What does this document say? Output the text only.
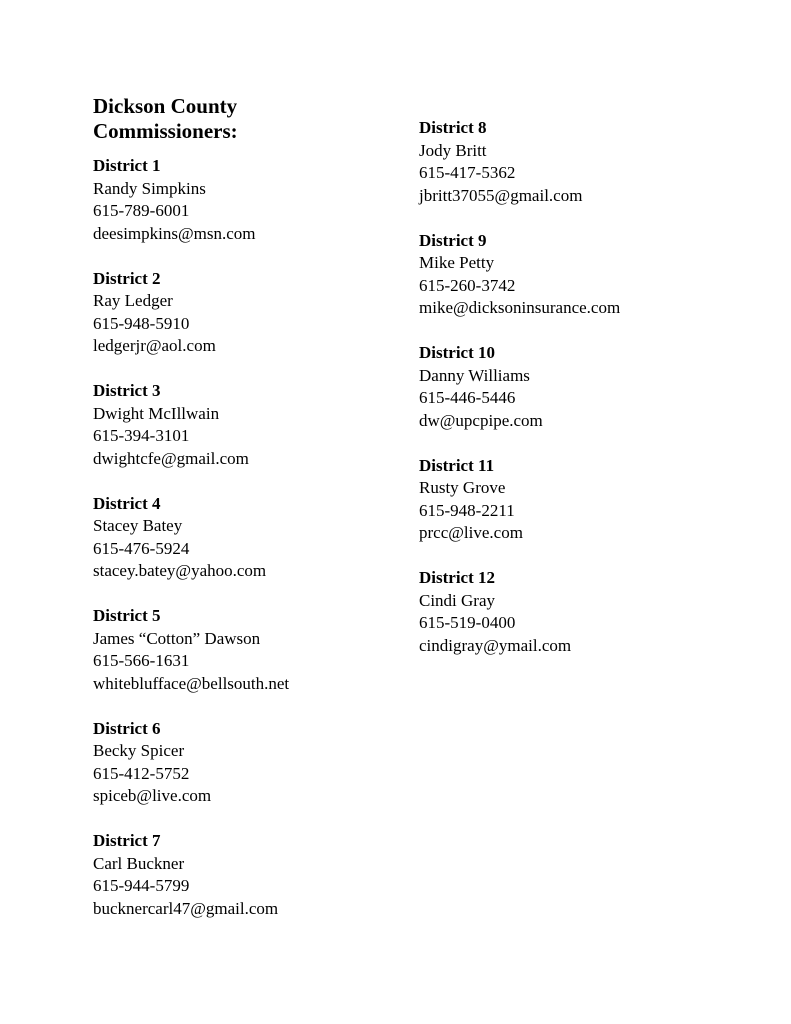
Dickson County Commissioners:
District 1
Randy Simpkins
615-789-6001
deesimpkins@msn.com
District 2
Ray Ledger
615-948-5910
ledgerjr@aol.com
District 3
Dwight McIllwain
615-394-3101
dwightcfe@gmail.com
District 4
Stacey Batey
615-476-5924
stacey.batey@yahoo.com
District 5
James “Cotton” Dawson
615-566-1631
whiteblufface@bellsouth.net
District 6
Becky Spicer
615-412-5752
spiceb@live.com
District 7
Carl Buckner
615-944-5799
bucknercarl47@gmail.com
District 8
Jody Britt
615-417-5362
jbritt37055@gmail.com
District 9
Mike Petty
615-260-3742
mike@dicksoninsurance.com
District 10
Danny Williams
615-446-5446
dw@upcpipe.com
District 11
Rusty Grove
615-948-2211
prcc@live.com
District 12
Cindi Gray
615-519-0400
cindigray@ymail.com
